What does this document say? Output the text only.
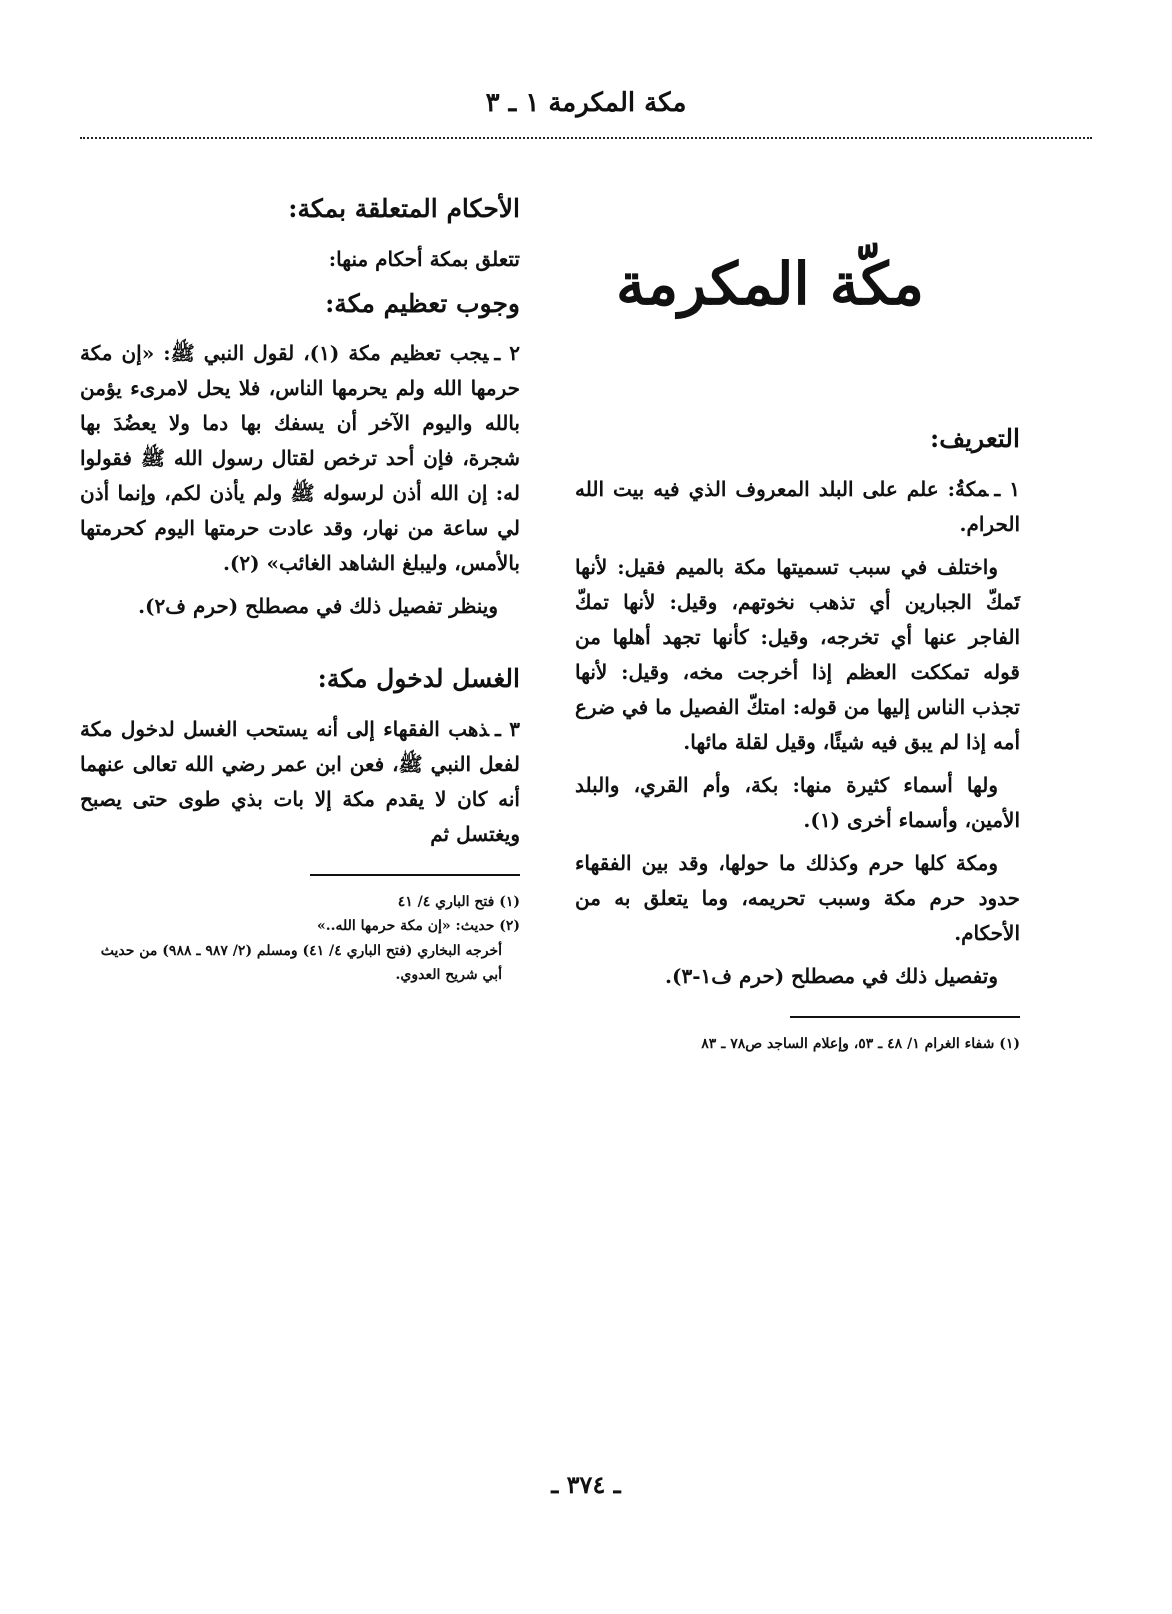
مكة المكرمة ١ ـ ٣
مكّة المكرمة
التعريف:

١ ـمكةُ: علم على البلد المعروف الذي فيه بيت الله الحرام.

واختلف في سبب تسميتها مكة بالميم فقيل: لأنها تَمكّ الجبارين أي تذهب نخوتهم، وقيل: لأنها تمكّ الفاجر عنها أي تخرجه، وقيل: كأنها تجهد أهلها من قوله تمككت العظم إذا أخرجت مخه، وقيل: لأنها تجذب الناس إليها من قوله: امتكّ الفصيل ما في ضرع أمه إذا لم يبق فيه شيئًا، وقيل لقلة مائها.

ولها أسماء كثيرة منها: بكة، وأم القري، والبلد الأمين، وأسماء أخرى (١).

ومكة كلها حرم وكذلك ما حولها، وقد بين الفقهاء حدود حرم مكة وسبب تحريمه، وما يتعلق به من الأحكام.

وتفصيل ذلك في مصطلح (حرم ف١-٣).

(١) شفاء الغرام ١/ ٤٨ ـ ٥٣، وإعلام الساجد ص٧٨ ـ ٨٣

الأحكام المتعلقة بمكة:

تتعلق بمكة أحكام منها:

وجوب تعظيم مكة:

٢ ـيجب تعظيم مكة (١)، لقول النبي ﷺ: «إن مكة حرمها الله ولم يحرمها الناس، فلا يحل لامرىء يؤمن بالله واليوم الآخر أن يسفك بها دما ولا يعضُدَ بها شجرة، فإن أحد ترخص لقتال رسول الله ﷺ فقولوا له: إن الله أذن لرسوله ﷺ ولم يأذن لكم، وإنما أذن لي ساعة من نهار، وقد عادت حرمتها اليوم كحرمتها بالأمس، وليبلغ الشاهد الغائب» (٢).

وينظر تفصيل ذلك في مصطلح (حرم ف٢).

الغسل لدخول مكة:

٣ ـذهب الفقهاء إلى أنه يستحب الغسل لدخول مكة لفعل النبي ﷺ، فعن ابن عمر رضي الله تعالى عنهما أنه كان لا يقدم مكة إلا بات بذي طوى حتى يصبح ويغتسل ثم

(١) فتح الباري ٤/ ٤١

(٢) حديث: «إن مكة حرمها الله..»

أخرجه البخاري (فتح الباري ٤/ ٤١) ومسلم (٢/ ٩٨٧ ـ ٩٨٨) من حديث أبي شريح العدوي.

ـ ٣٧٤ ـ
